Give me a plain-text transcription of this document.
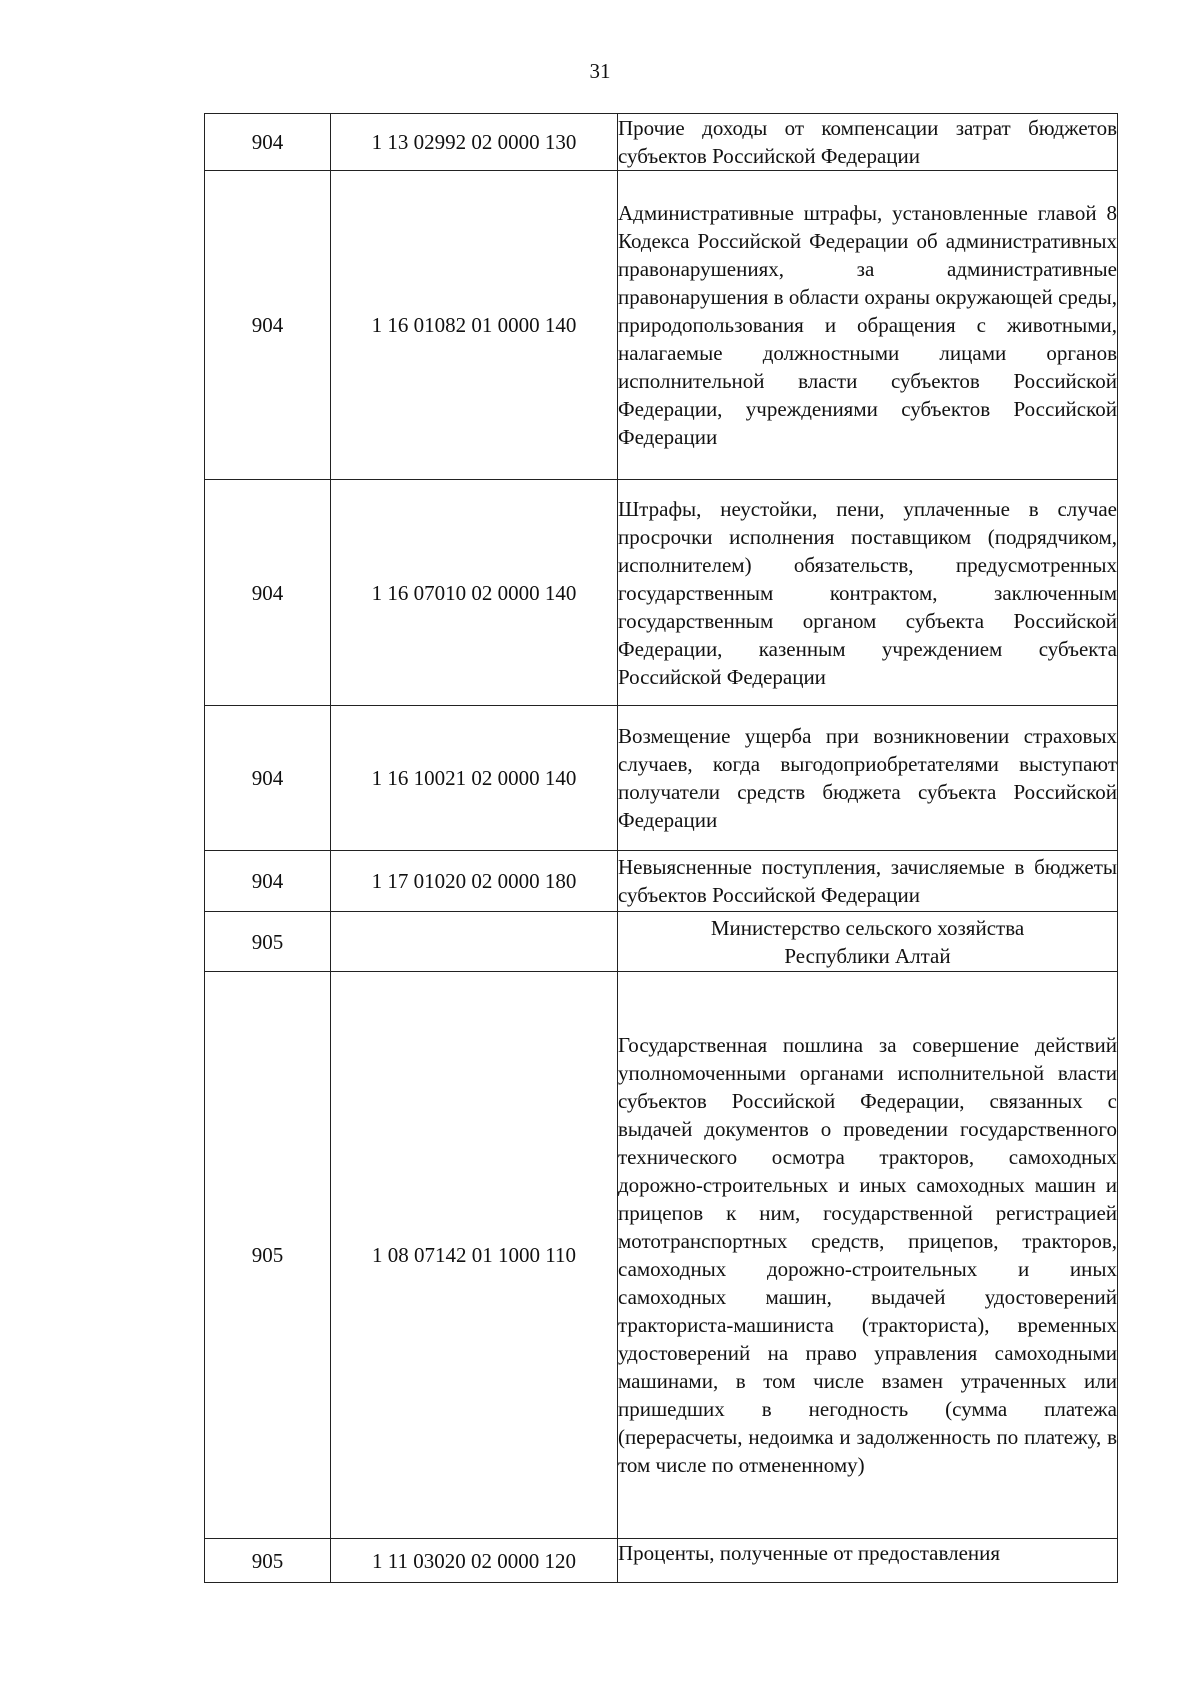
31
904	1 13 02992 02 0000 130	Прочие доходы от компенсации затрат бюджетов субъектов Российской Федерации
904	1 16 01082 01 0000 140	Административные штрафы, установленные главой 8 Кодекса Российской Федерации об административных правонарушениях, за административные правонарушения в области охраны окружающей среды, природопользования и обращения с животными, налагаемые должностными лицами органов исполнительной власти субъектов Российской Федерации, учреждениями субъектов Российской Федерации
904	1 16 07010 02 0000 140	Штрафы, неустойки, пени, уплаченные в случае просрочки исполнения поставщиком (подрядчиком, исполнителем) обязательств, предусмотренных государственным контрактом, заключенным государственным органом субъекта Российской Федерации, казенным учреждением субъекта Российской Федерации
904	1 16 10021 02 0000 140	Возмещение ущерба при возникновении страховых случаев, когда выгодоприобретателями выступают получатели средств бюджета субъекта Российской Федерации
904	1 17 01020 02 0000 180	Невыясненные поступления, зачисляемые в бюджеты субъектов Российской Федерации
905		Министерство сельского хозяйства
Республики Алтай
905	1 08 07142 01 1000 110	Государственная пошлина за совершение действий уполномоченными органами исполнительной власти субъектов Российской Федерации, связанных с выдачей документов о проведении государственного технического осмотра тракторов, самоходных дорожно-строительных и иных самоходных машин и прицепов к ним, государственной регистрацией мототранспортных средств, прицепов, тракторов, самоходных дорожно-строительных и иных самоходных машин, выдачей удостоверений тракториста-машиниста (тракториста), временных удостоверений на право управления самоходными машинами, в том числе взамен утраченных или пришедших в негодность (сумма платежа (перерасчеты, недоимка и задолженность по платежу, в том числе по отмененному)
905	1 11 03020 02 0000 120	Проценты, полученные от предоставления
